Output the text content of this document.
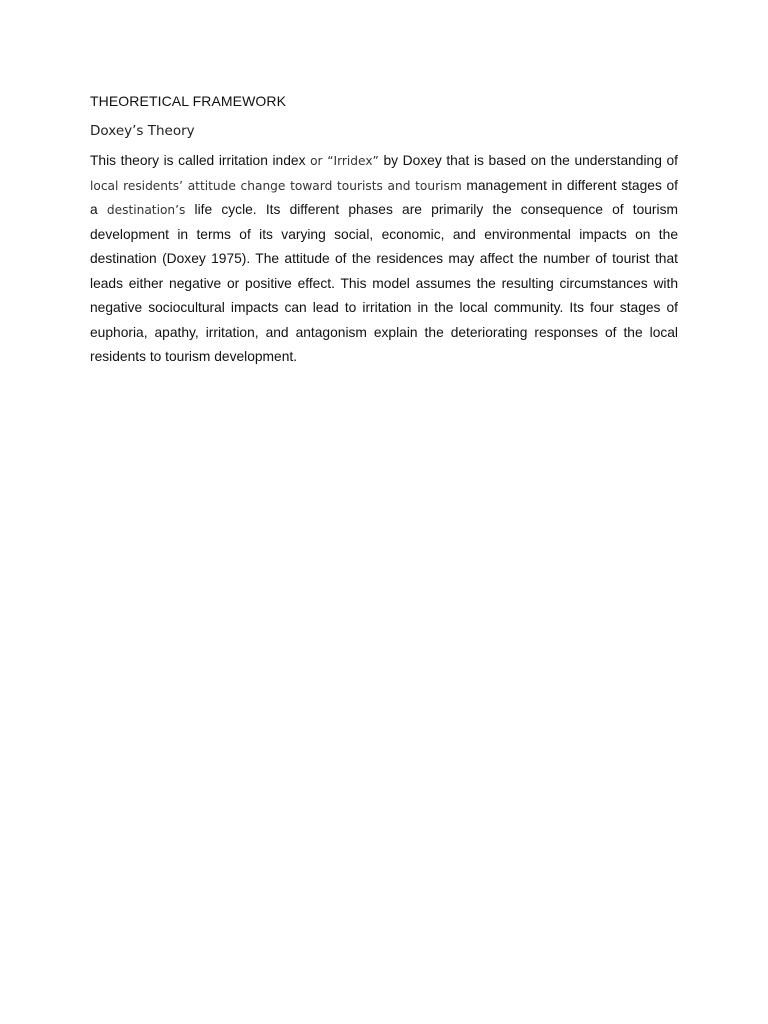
THEORETICAL FRAMEWORK
Doxey’s Theory

This theory is called irritation index or “Irridex” by Doxey that is based on the understanding of local residents’ attitude change toward tourists and tourism management in different stages of a destination’s life cycle. Its different phases are primarily the consequence of tourism development in terms of its varying social, economic, and environmental impacts on the destination (Doxey 1975). The attitude of the residences may affect the number of tourist that leads either negative or positive effect. This model assumes the resulting circumstances with negative sociocultural impacts can lead to irritation in the local community. Its four stages of euphoria, apathy, irritation, and antagonism explain the deteriorating responses of the local residents to tourism development.
